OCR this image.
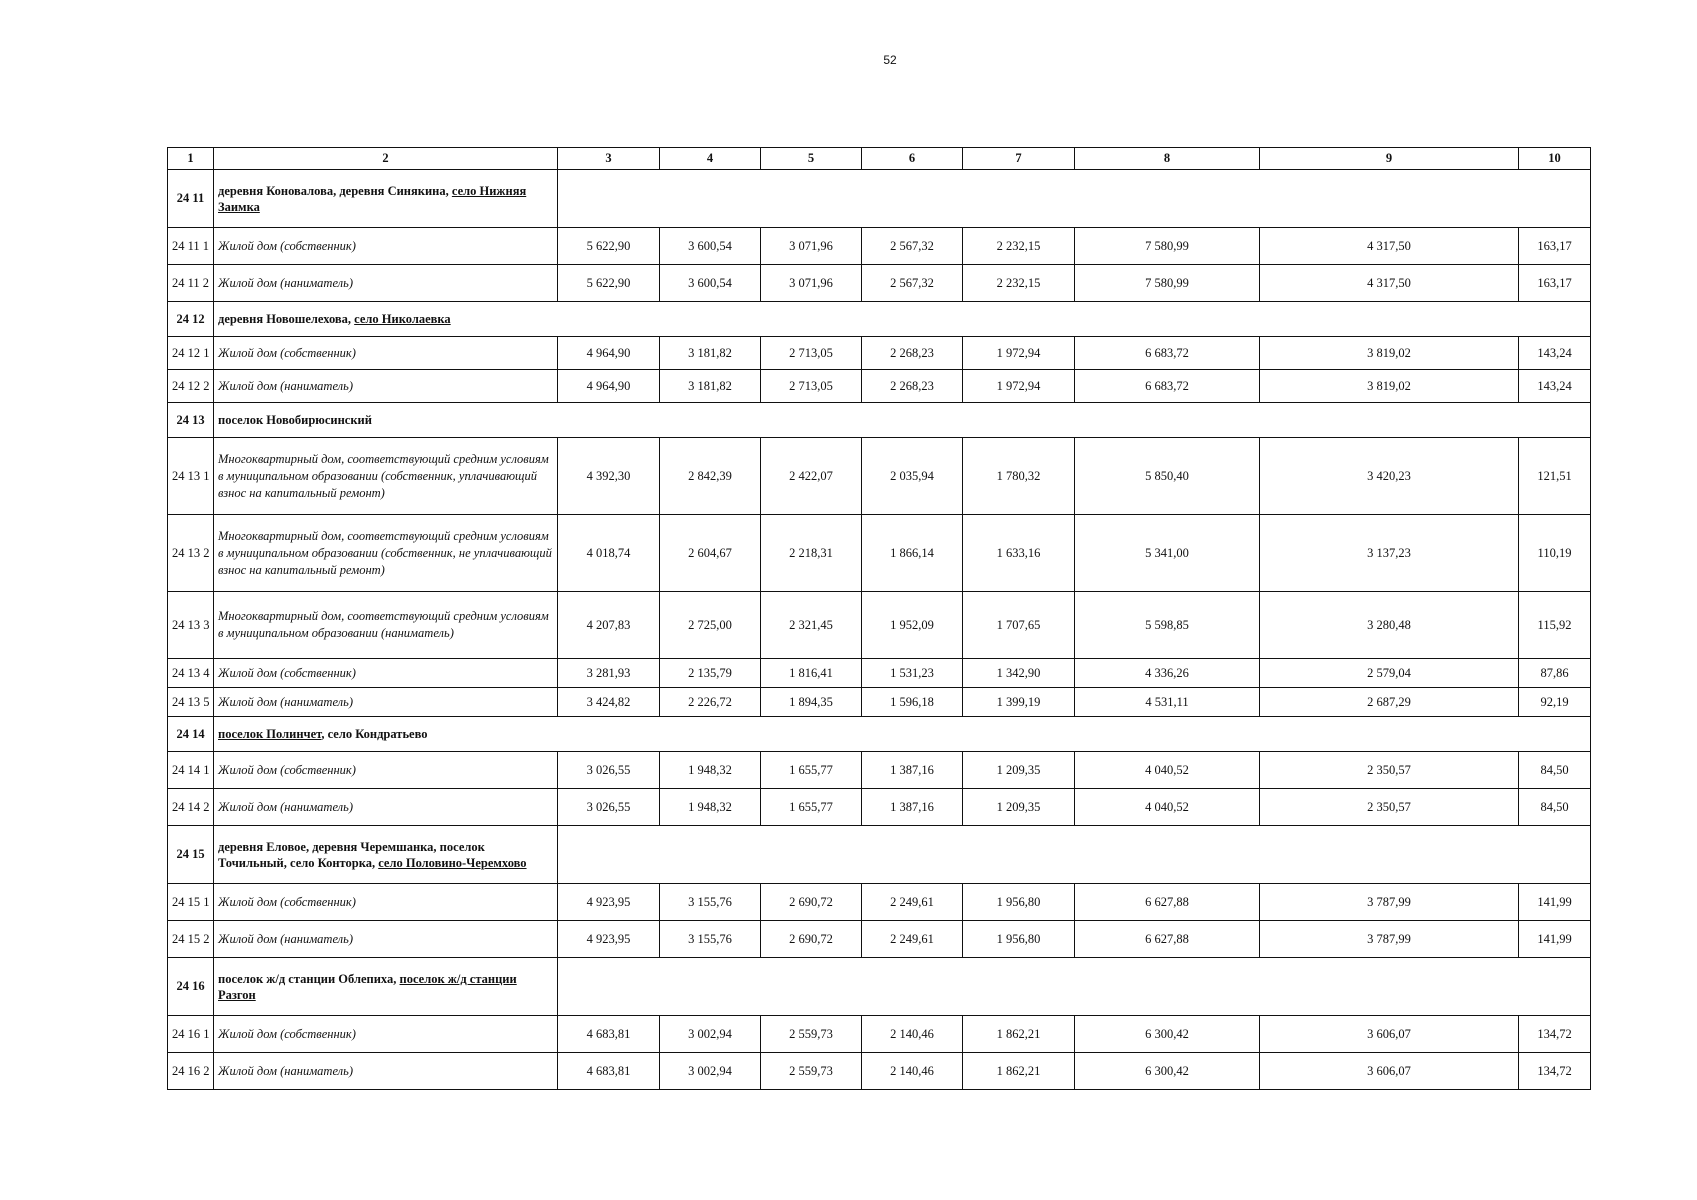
52
1	2	3	4	5	6	7	8	9	10
24 11	деревня Коноваловa, деревня Синякина, село Нижняя Заимка								
24 11 1	Жилой дом (собственник)	5 622,90	3 600,54	3 071,96	2 567,32	2 232,15	7 580,99	4 317,50	163,17
24 11 2	Жилой дом (наниматель)	5 622,90	3 600,54	3 071,96	2 567,32	2 232,15	7 580,99	4 317,50	163,17
24 12	деревня Новошелехова, село Николаевка								
24 12 1	Жилой дом (собственник)	4 964,90	3 181,82	2 713,05	2 268,23	1 972,94	6 683,72	3 819,02	143,24
24 12 2	Жилой дом (наниматель)	4 964,90	3 181,82	2 713,05	2 268,23	1 972,94	6 683,72	3 819,02	143,24
24 13	поселок Новобирюсинский								
24 13 1	Многоквартирный дом, соответствующий средним условиям в муниципальном образовании (собственник, уплачивающий взнос на капитальный ремонт)	4 392,30	2 842,39	2 422,07	2 035,94	1 780,32	5 850,40	3 420,23	121,51
24 13 2	Многоквартирный дом, соответствующий средним условиям в муниципальном образовании (собственник, не уплачивающий взнос на капитальный ремонт)	4 018,74	2 604,67	2 218,31	1 866,14	1 633,16	5 341,00	3 137,23	110,19
24 13 3	Многоквартирный дом, соответствующий средним условиям в муниципальном образовании (наниматель)	4 207,83	2 725,00	2 321,45	1 952,09	1 707,65	5 598,85	3 280,48	115,92
24 13 4	Жилой дом (собственник)	3 281,93	2 135,79	1 816,41	1 531,23	1 342,90	4 336,26	2 579,04	87,86
24 13 5	Жилой дом (наниматель)	3 424,82	2 226,72	1 894,35	1 596,18	1 399,19	4 531,11	2 687,29	92,19
24 14	поселок Полинчет, село Кондратьево								
24 14 1	Жилой дом (собственник)	3 026,55	1 948,32	1 655,77	1 387,16	1 209,35	4 040,52	2 350,57	84,50
24 14 2	Жилой дом (наниматель)	3 026,55	1 948,32	1 655,77	1 387,16	1 209,35	4 040,52	2 350,57	84,50
24 15	деревня Еловое, деревня Черемшанка, поселок Точильный, село Конторка, село Половино-Черемхово								
24 15 1	Жилой дом (собственник)	4 923,95	3 155,76	2 690,72	2 249,61	1 956,80	6 627,88	3 787,99	141,99
24 15 2	Жилой дом (наниматель)	4 923,95	3 155,76	2 690,72	2 249,61	1 956,80	6 627,88	3 787,99	141,99
24 16	поселок ж/д станции Облепиха, поселок ж/д станции Разгон								
24 16 1	Жилой дом (собственник)	4 683,81	3 002,94	2 559,73	2 140,46	1 862,21	6 300,42	3 606,07	134,72
24 16 2	Жилой дом (наниматель)	4 683,81	3 002,94	2 559,73	2 140,46	1 862,21	6 300,42	3 606,07	134,72
